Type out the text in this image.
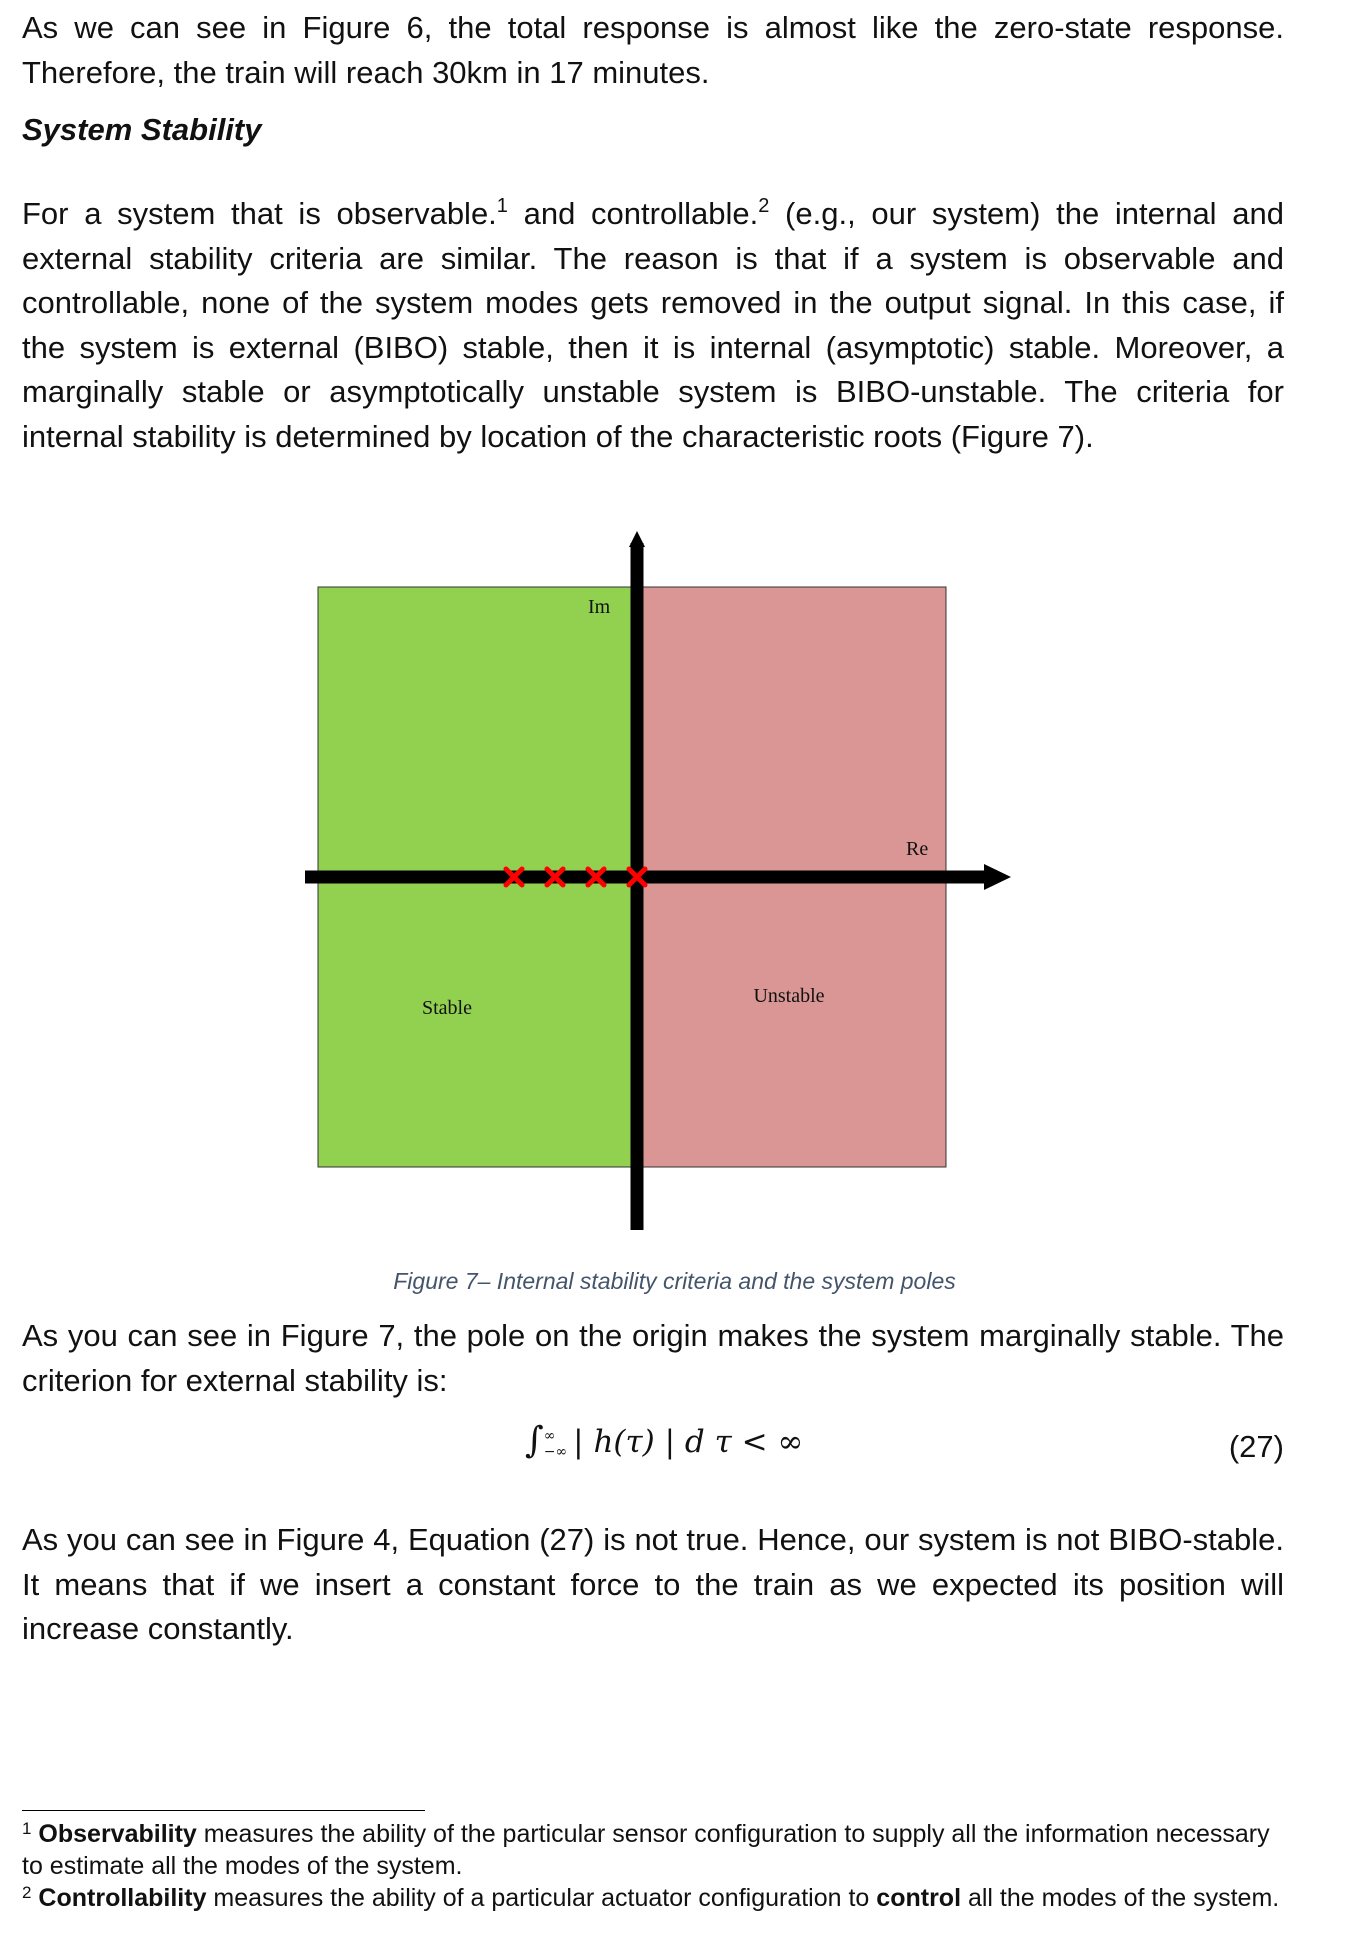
As we can see in Figure 6, the total response is almost like the zero-state response. Therefore, the train will reach 30km in 17 minutes.

System Stability

For a system that is observable.$^1$ and controllable.$^2$ (e.g., our system) the internal and external stability criteria are similar. The reason is that if a system is observable and controllable, none of the system modes gets removed in the output signal. In this case, if the system is external (BIBO) stable, then it is internal (asymptotic) stable. Moreover, a marginally stable or asymptotically unstable system is BIBO-unstable. The criteria for internal stability is determined by location of the characteristic roots (Figure 7).

Im
Re
Stable
Unstable
Figure 7– Internal stability criteria and the system poles

As you can see in Figure 7, the pole on the origin makes the system marginally stable. The criterion for external stability is:

∫∞
−∞ | h(τ) | d τ < ∞	(27)

As you can see in Figure 4, Equation (27) is not true. Hence, our system is not BIBO-stable. It means that if we insert a constant force to the train as we expected its position will increase constantly.

$^1$ Observability measures the ability of the particular sensor configuration to supply all the information necessary to estimate all the modes of the system.

$^2$ Controllability measures the ability of a particular actuator configuration to control all the modes of the system.
